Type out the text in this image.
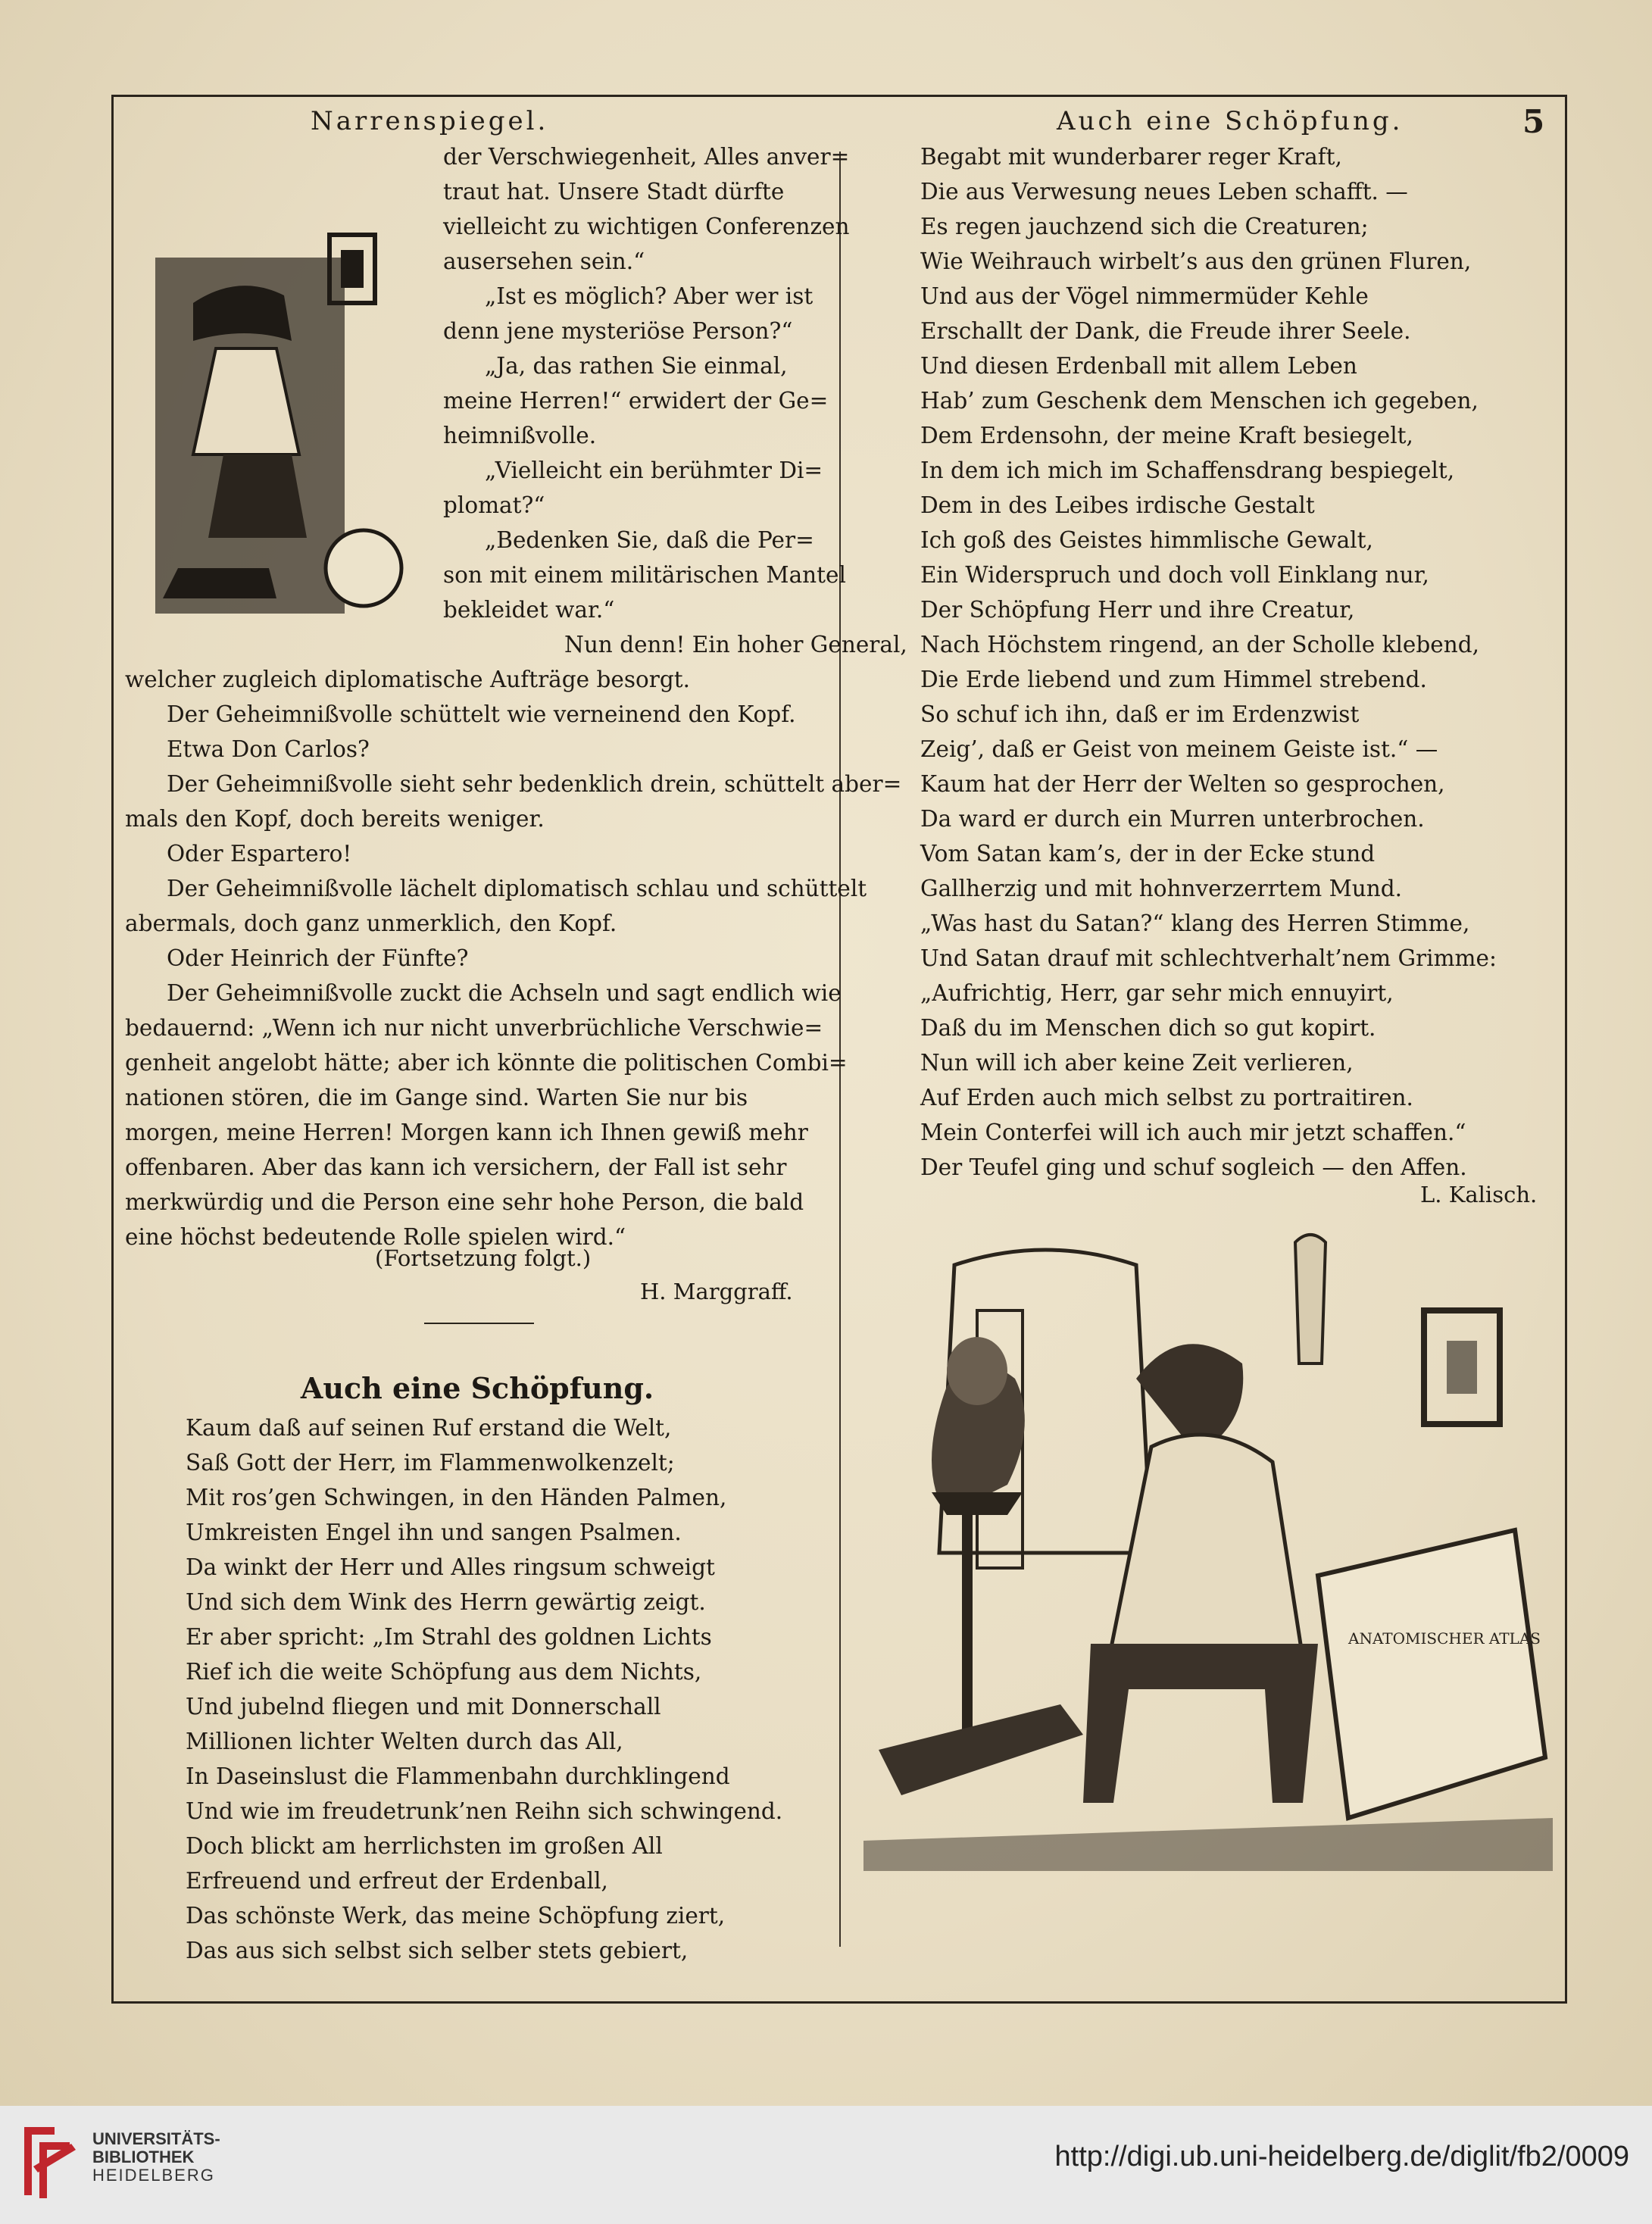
Narrenspiegel.	Auch eine Schöpfung.	5
der Verschwiegenheit, Alles anver=
traut hat. Unsere Stadt dürfte
vielleicht zu wichtigen Conferenzen
ausersehen sein.“
„Ist es möglich? Aber wer ist
denn jene mysteriöse Person?“
„Ja, das rathen Sie einmal,
meine Herren!“ erwidert der Ge=
heimnißvolle.
„Vielleicht ein berühmter Di=
plomat?“
„Bedenken Sie, daß die Per=
son mit einem militärischen Mantel
bekleidet war.“
Nun denn! Ein hoher General,
welcher zugleich diplomatische Aufträge besorgt.
Der Geheimnißvolle schüttelt wie verneinend den Kopf.
Etwa Don Carlos?
Der Geheimnißvolle sieht sehr bedenklich drein, schüttelt aber=
mals den Kopf, doch bereits weniger.
Oder Espartero!
Der Geheimnißvolle lächelt diplomatisch schlau und schüttelt
abermals, doch ganz unmerklich, den Kopf.
Oder Heinrich der Fünfte?
Der Geheimnißvolle zuckt die Achseln und sagt endlich wie
bedauernd: „Wenn ich nur nicht unverbrüchliche Verschwie=
genheit angelobt hätte; aber ich könnte die politischen Combi=
nationen stören, die im Gange sind. Warten Sie nur bis
morgen, meine Herren! Morgen kann ich Ihnen gewiß mehr
offenbaren. Aber das kann ich versichern, der Fall ist sehr
merkwürdig und die Person eine sehr hohe Person, die bald
eine höchst bedeutende Rolle spielen wird.“
(Fortsetzung folgt.)
H. Marggraff.
Auch eine Schöpfung.
Kaum daß auf seinen Ruf erstand die Welt,
Saß Gott der Herr, im Flammenwolkenzelt;
Mit ros’gen Schwingen, in den Händen Palmen,
Umkreisten Engel ihn und sangen Psalmen.
Da winkt der Herr und Alles ringsum schweigt
Und sich dem Wink des Herrn gewärtig zeigt.
Er aber spricht: „Im Strahl des goldnen Lichts
Rief ich die weite Schöpfung aus dem Nichts,
Und jubelnd fliegen und mit Donnerschall
Millionen lichter Welten durch das All,
In Daseinslust die Flammenbahn durchklingend
Und wie im freudetrunk’nen Reihn sich schwingend.
Doch blickt am herrlichsten im großen All
Erfreuend und erfreut der Erdenball,
Das schönste Werk, das meine Schöpfung ziert,
Das aus sich selbst sich selber stets gebiert,
Begabt mit wunderbarer reger Kraft,
Die aus Verwesung neues Leben schafft. —
Es regen jauchzend sich die Creaturen;
Wie Weihrauch wirbelt’s aus den grünen Fluren,
Und aus der Vögel nimmermüder Kehle
Erschallt der Dank, die Freude ihrer Seele.
Und diesen Erdenball mit allem Leben
Hab’ zum Geschenk dem Menschen ich gegeben,
Dem Erdensohn, der meine Kraft besiegelt,
In dem ich mich im Schaffensdrang bespiegelt,
Dem in des Leibes irdische Gestalt
Ich goß des Geistes himmlische Gewalt,
Ein Widerspruch und doch voll Einklang nur,
Der Schöpfung Herr und ihre Creatur,
Nach Höchstem ringend, an der Scholle klebend,
Die Erde liebend und zum Himmel strebend.
So schuf ich ihn, daß er im Erdenzwist
Zeig’, daß er Geist von meinem Geiste ist.“ —
Kaum hat der Herr der Welten so gesprochen,
Da ward er durch ein Murren unterbrochen.
Vom Satan kam’s, der in der Ecke stund
Gallherzig und mit hohnverzerrtem Mund.
„Was hast du Satan?“ klang des Herren Stimme,
Und Satan drauf mit schlechtverhalt’nem Grimme:
„Aufrichtig, Herr, gar sehr mich ennuyirt,
Daß du im Menschen dich so gut kopirt.
Nun will ich aber keine Zeit verlieren,
Auf Erden auch mich selbst zu portraitiren.
Mein Conterfei will ich auch mir jetzt schaffen.“
Der Teufel ging und schuf sogleich — den Affen.
L. Kalisch.
ANATOMISCHER ATLAS
UNIVERSITÄTS-
BIBLIOTHEK
HEIDELBERG
http://digi.ub.uni-heidelberg.de/diglit/fb2/0009
